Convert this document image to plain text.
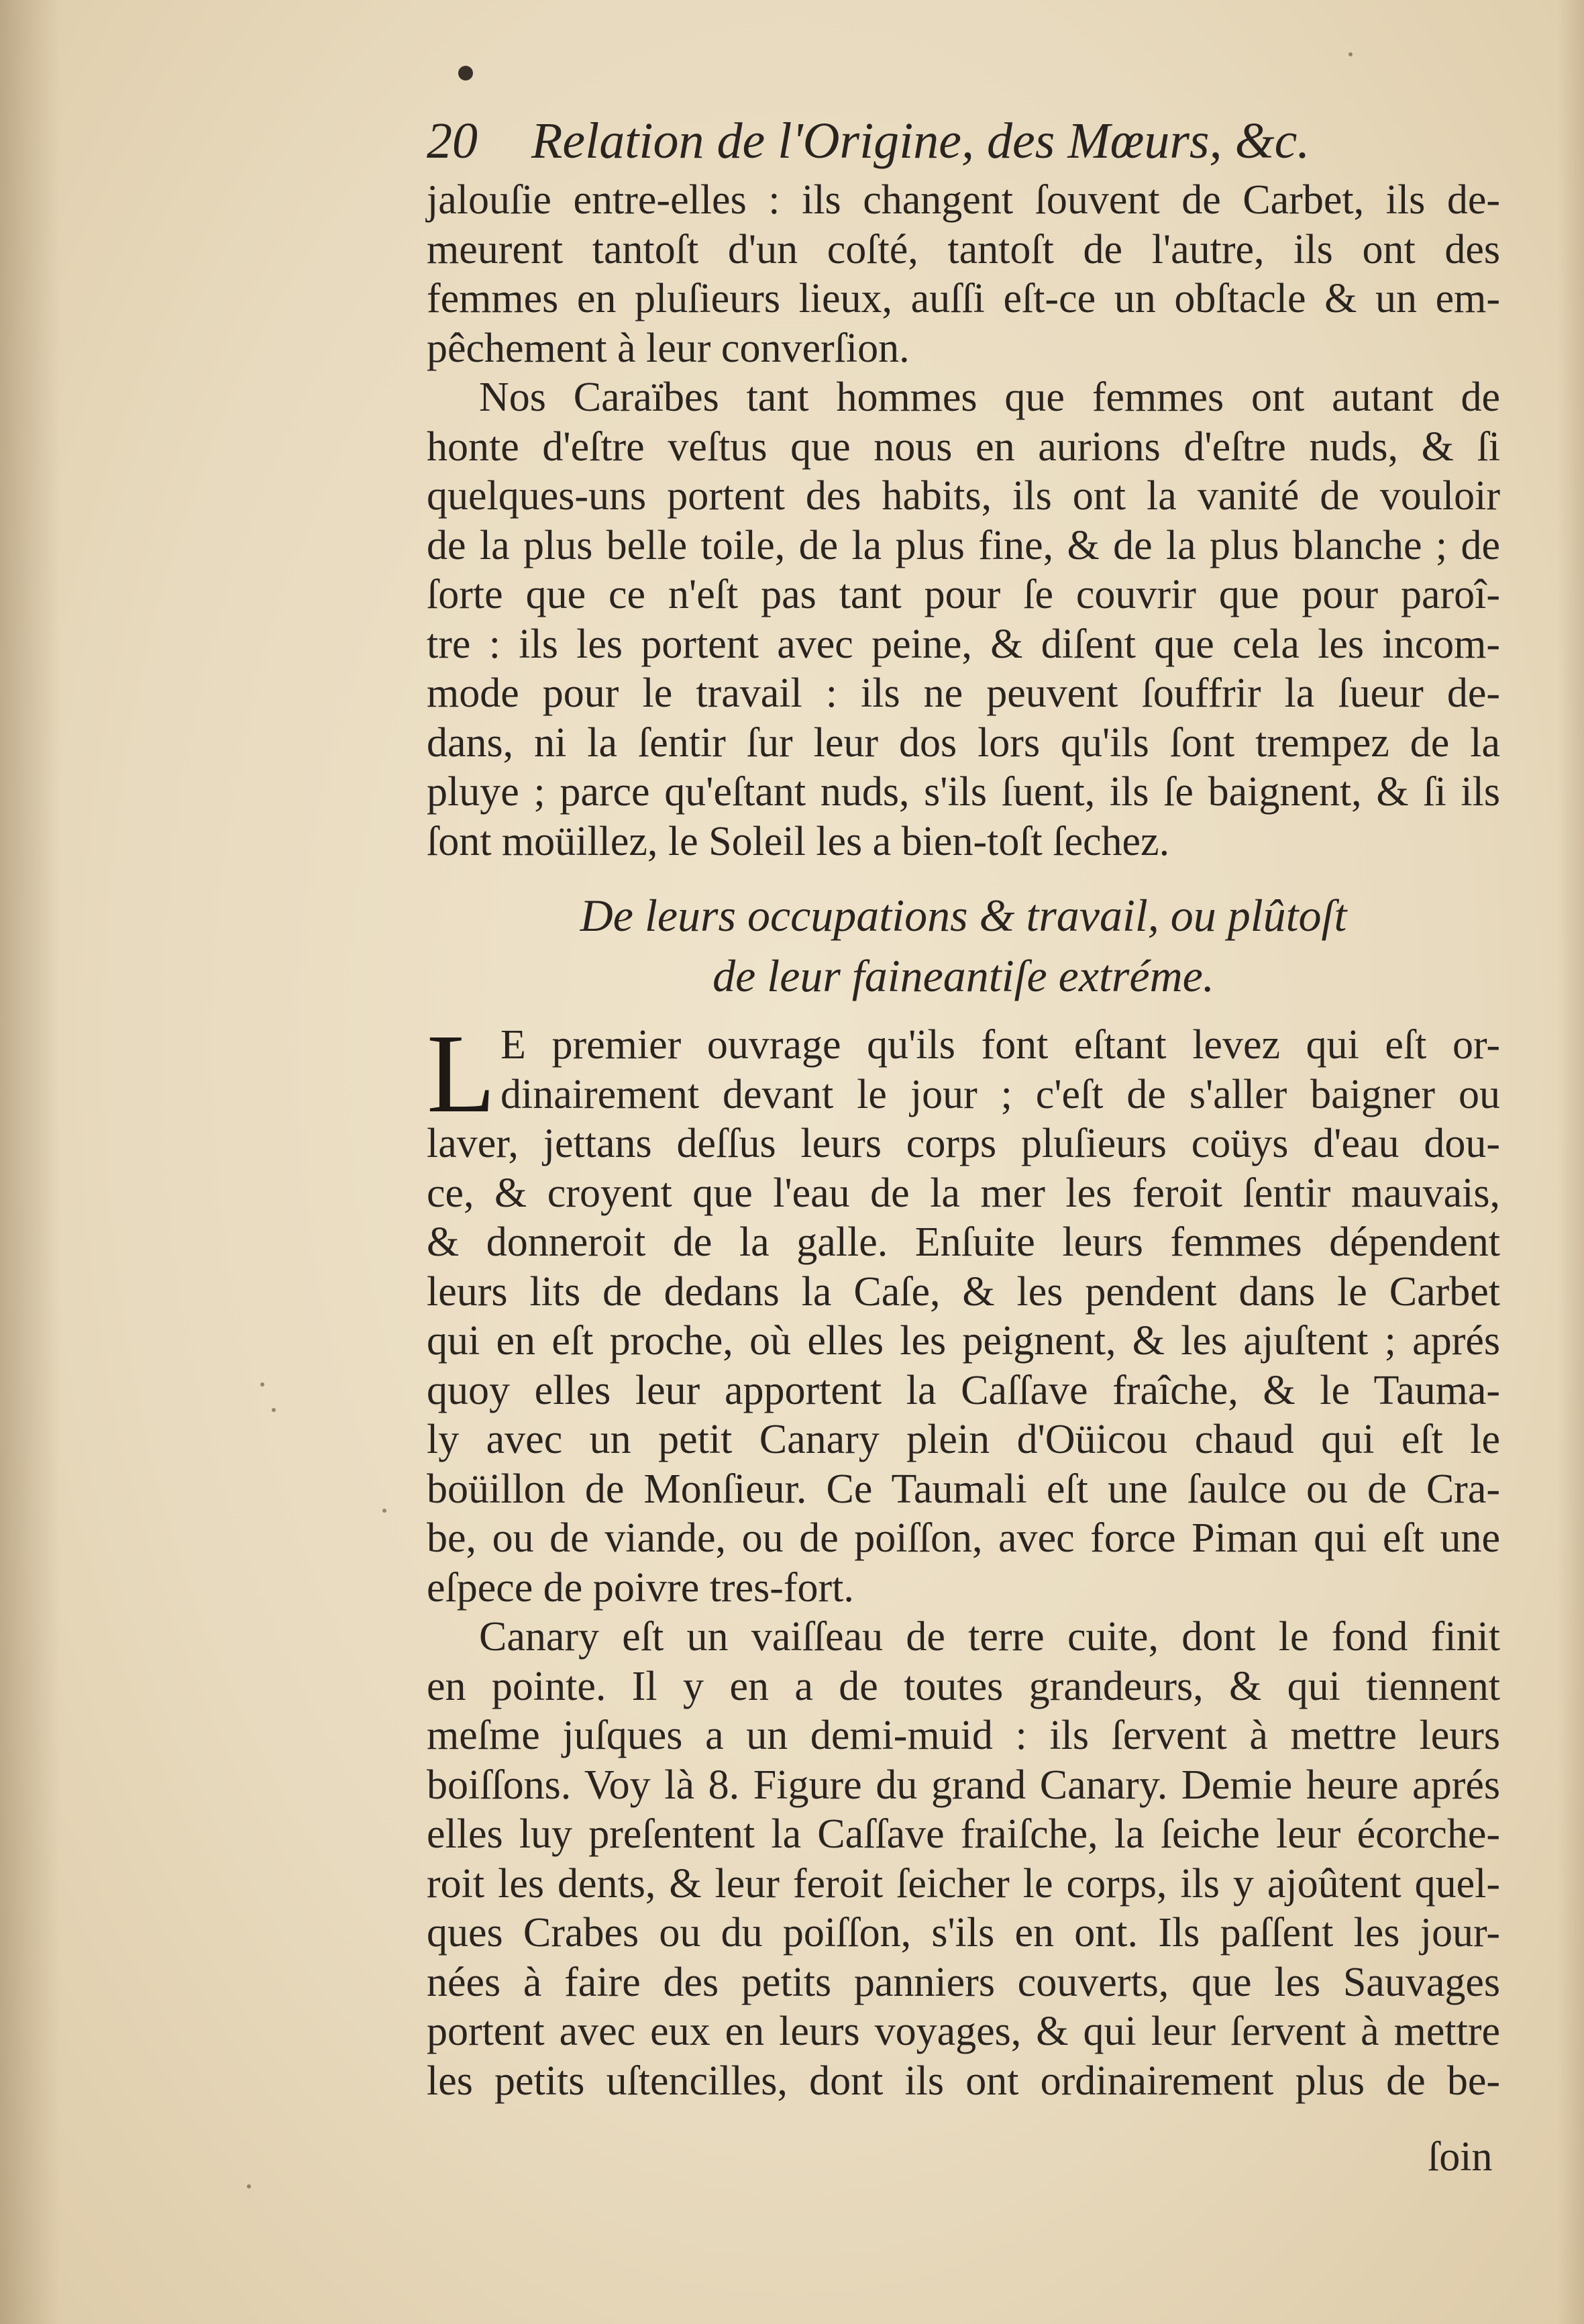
20 Relation de l'Origine, des Mœurs, &c.
jalouſie entre-elles : ils changent ſouvent de Carbet, ils de-
meurent tantoſt d'un coſté, tantoſt de l'autre, ils ont des
femmes en pluſieurs lieux, auſſi eſt-ce un obſtacle & un em-
pêchement à leur converſion.
Nos Caraïbes tant hommes que femmes ont autant de
honte d'eſtre veſtus que nous en aurions d'eſtre nuds, & ſi
quelques-uns portent des habits, ils ont la vanité de vouloir
de la plus belle toile, de la plus fine, & de la plus blanche ; de
ſorte que ce n'eſt pas tant pour ſe couvrir que pour paroî-
tre : ils les portent avec peine, & diſent que cela les incom-
mode pour le travail : ils ne peuvent ſouffrir la ſueur de-
dans, ni la ſentir ſur leur dos lors qu'ils ſont trempez de la
pluye ; parce qu'eſtant nuds, s'ils ſuent, ils ſe baignent, & ſi ils
ſont moüillez, le Soleil les a bien-toſt ſechez.
De leurs occupations & travail, ou plûtoſt
de leur faineantiſe extréme.
L E premier ouvrage qu'ils font eſtant levez qui eſt or-
dinairement devant le jour ; c'eſt de s'aller baigner ou
laver, jettans deſſus leurs corps pluſieurs coüys d'eau dou-
ce, & croyent que l'eau de la mer les feroit ſentir mauvais,
& donneroit de la galle. Enſuite leurs femmes dépendent
leurs lits de dedans la Caſe, & les pendent dans le Carbet
qui en eſt proche, où elles les peignent, & les ajuſtent ; aprés
quoy elles leur apportent la Caſſave fraîche, & le Tauma-
ly avec un petit Canary plein d'Oüicou chaud qui eſt le
boüillon de Monſieur. Ce Taumali eſt une ſaulce ou de Cra-
be, ou de viande, ou de poiſſon, avec force Piman qui eſt une
eſpece de poivre tres-fort.
Canary eſt un vaiſſeau de terre cuite, dont le fond finit
en pointe. Il y en a de toutes grandeurs, & qui tiennent
meſme juſques a un demi-muid : ils ſervent à mettre leurs
boiſſons. Voy là 8. Figure du grand Canary. Demie heure aprés
elles luy preſentent la Caſſave fraiſche, la ſeiche leur écorche-
roit les dents, & leur feroit ſeicher le corps, ils y ajoûtent quel-
ques Crabes ou du poiſſon, s'ils en ont. Ils paſſent les jour-
nées à faire des petits panniers couverts, que les Sauvages
portent avec eux en leurs voyages, & qui leur ſervent à mettre
les petits uſtencilles, dont ils ont ordinairement plus de be-
ſoin
